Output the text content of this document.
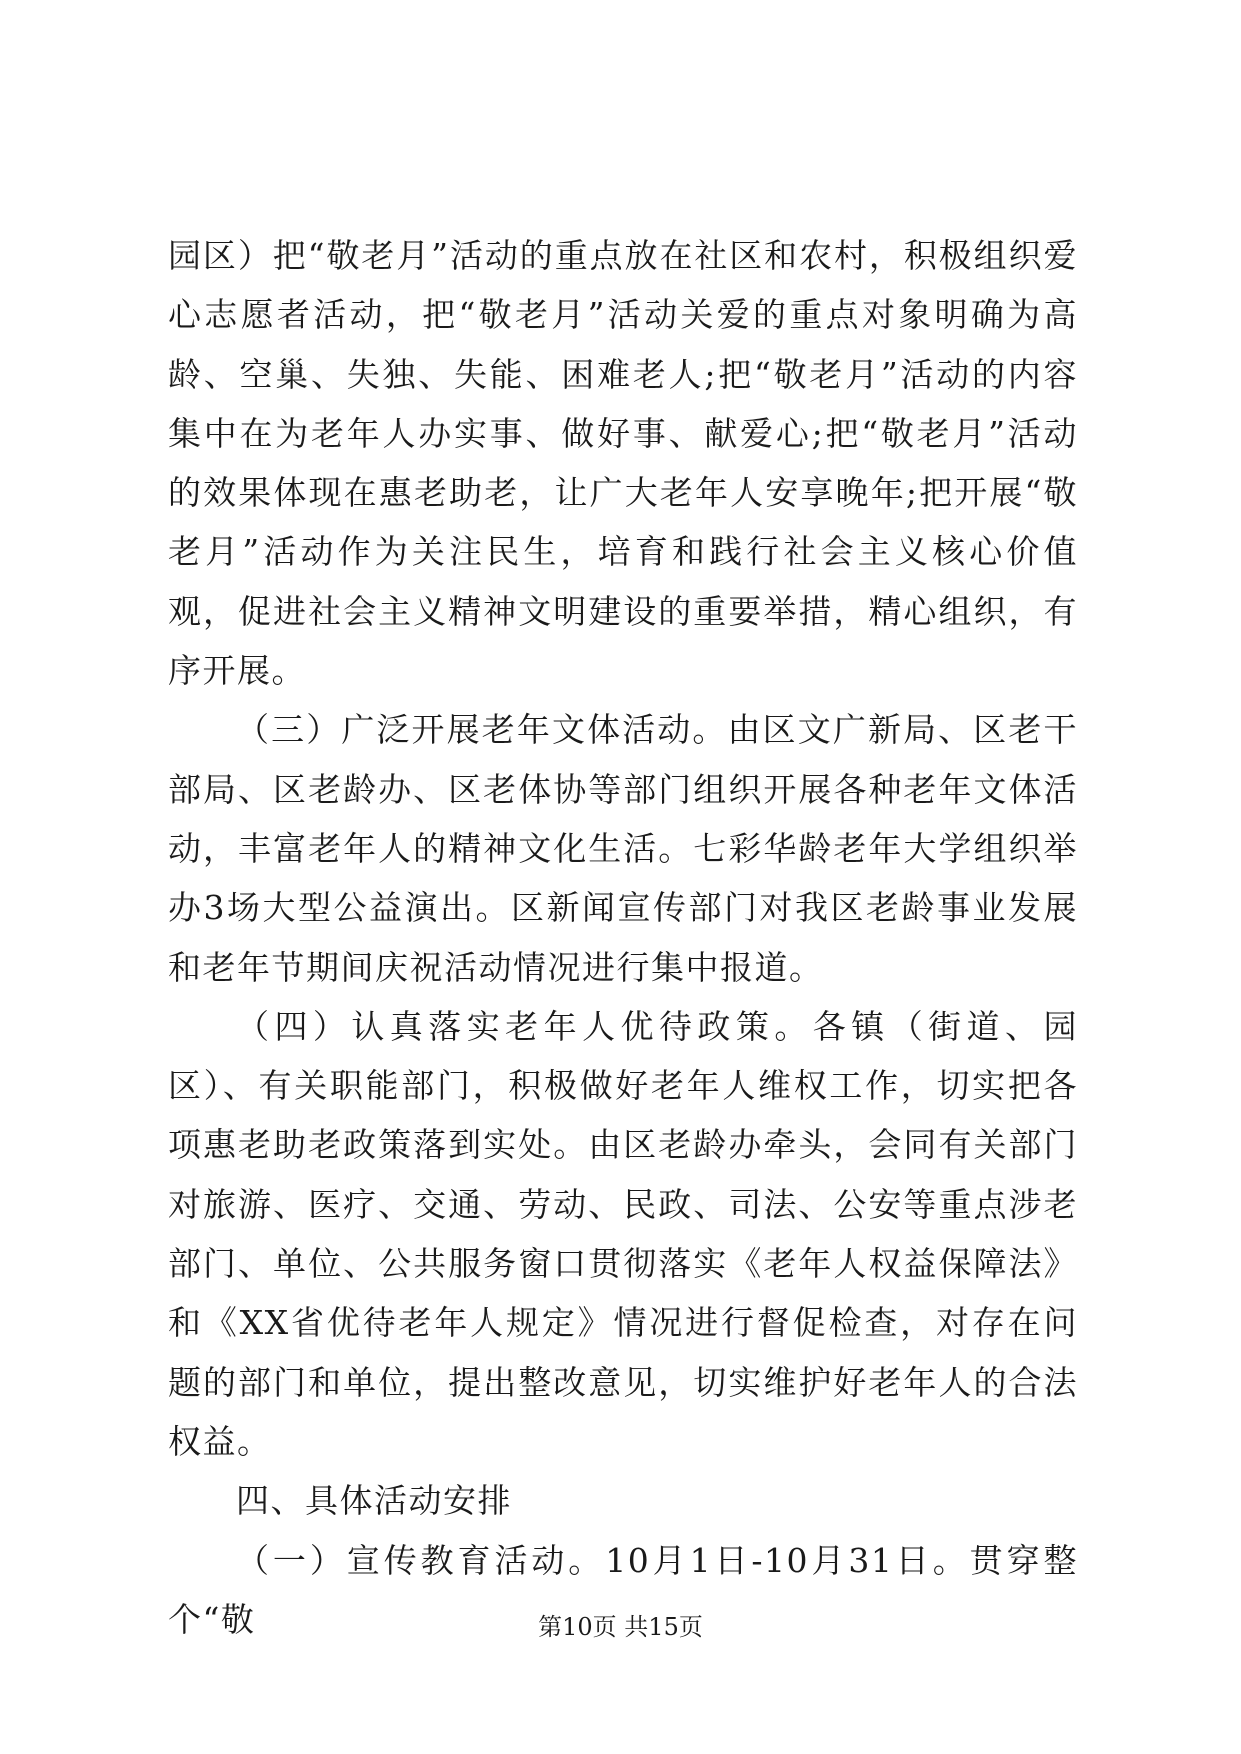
园区）把“敬老月”活动的重点放在社区和农村，积极组织爱心志愿者活动，把“敬老月”活动关爱的重点对象明确为高龄、空巢、失独、失能、困难老人;把“敬老月”活动的内容集中在为老年人办实事、做好事、献爱心;把“敬老月”活动的效果体现在惠老助老，让广大老年人安享晚年;把开展“敬老月”活动作为关注民生，培育和践行社会主义核心价值观，促进社会主义精神文明建设的重要举措，精心组织，有序开展。

（三）广泛开展老年文体活动。由区文广新局、区老干部局、区老龄办、区老体协等部门组织开展各种老年文体活动，丰富老年人的精神文化生活。七彩华龄老年大学组织举办3场大型公益演出。区新闻宣传部门对我区老龄事业发展和老年节期间庆祝活动情况进行集中报道。

（四）认真落实老年人优待政策。各镇（街道、园区）、有关职能部门，积极做好老年人维权工作，切实把各项惠老助老政策落到实处。由区老龄办牵头，会同有关部门对旅游、医疗、交通、劳动、民政、司法、公安等重点涉老部门、单位、公共服务窗口贯彻落实《老年人权益保障法》和《XX省优待老年人规定》情况进行督促检查，对存在问题的部门和单位，提出整改意见，切实维护好老年人的合法权益。

四、具体活动安排

（一）宣传教育活动。10月1日-10月31日。贯穿整个“敬	第10页 共15页
